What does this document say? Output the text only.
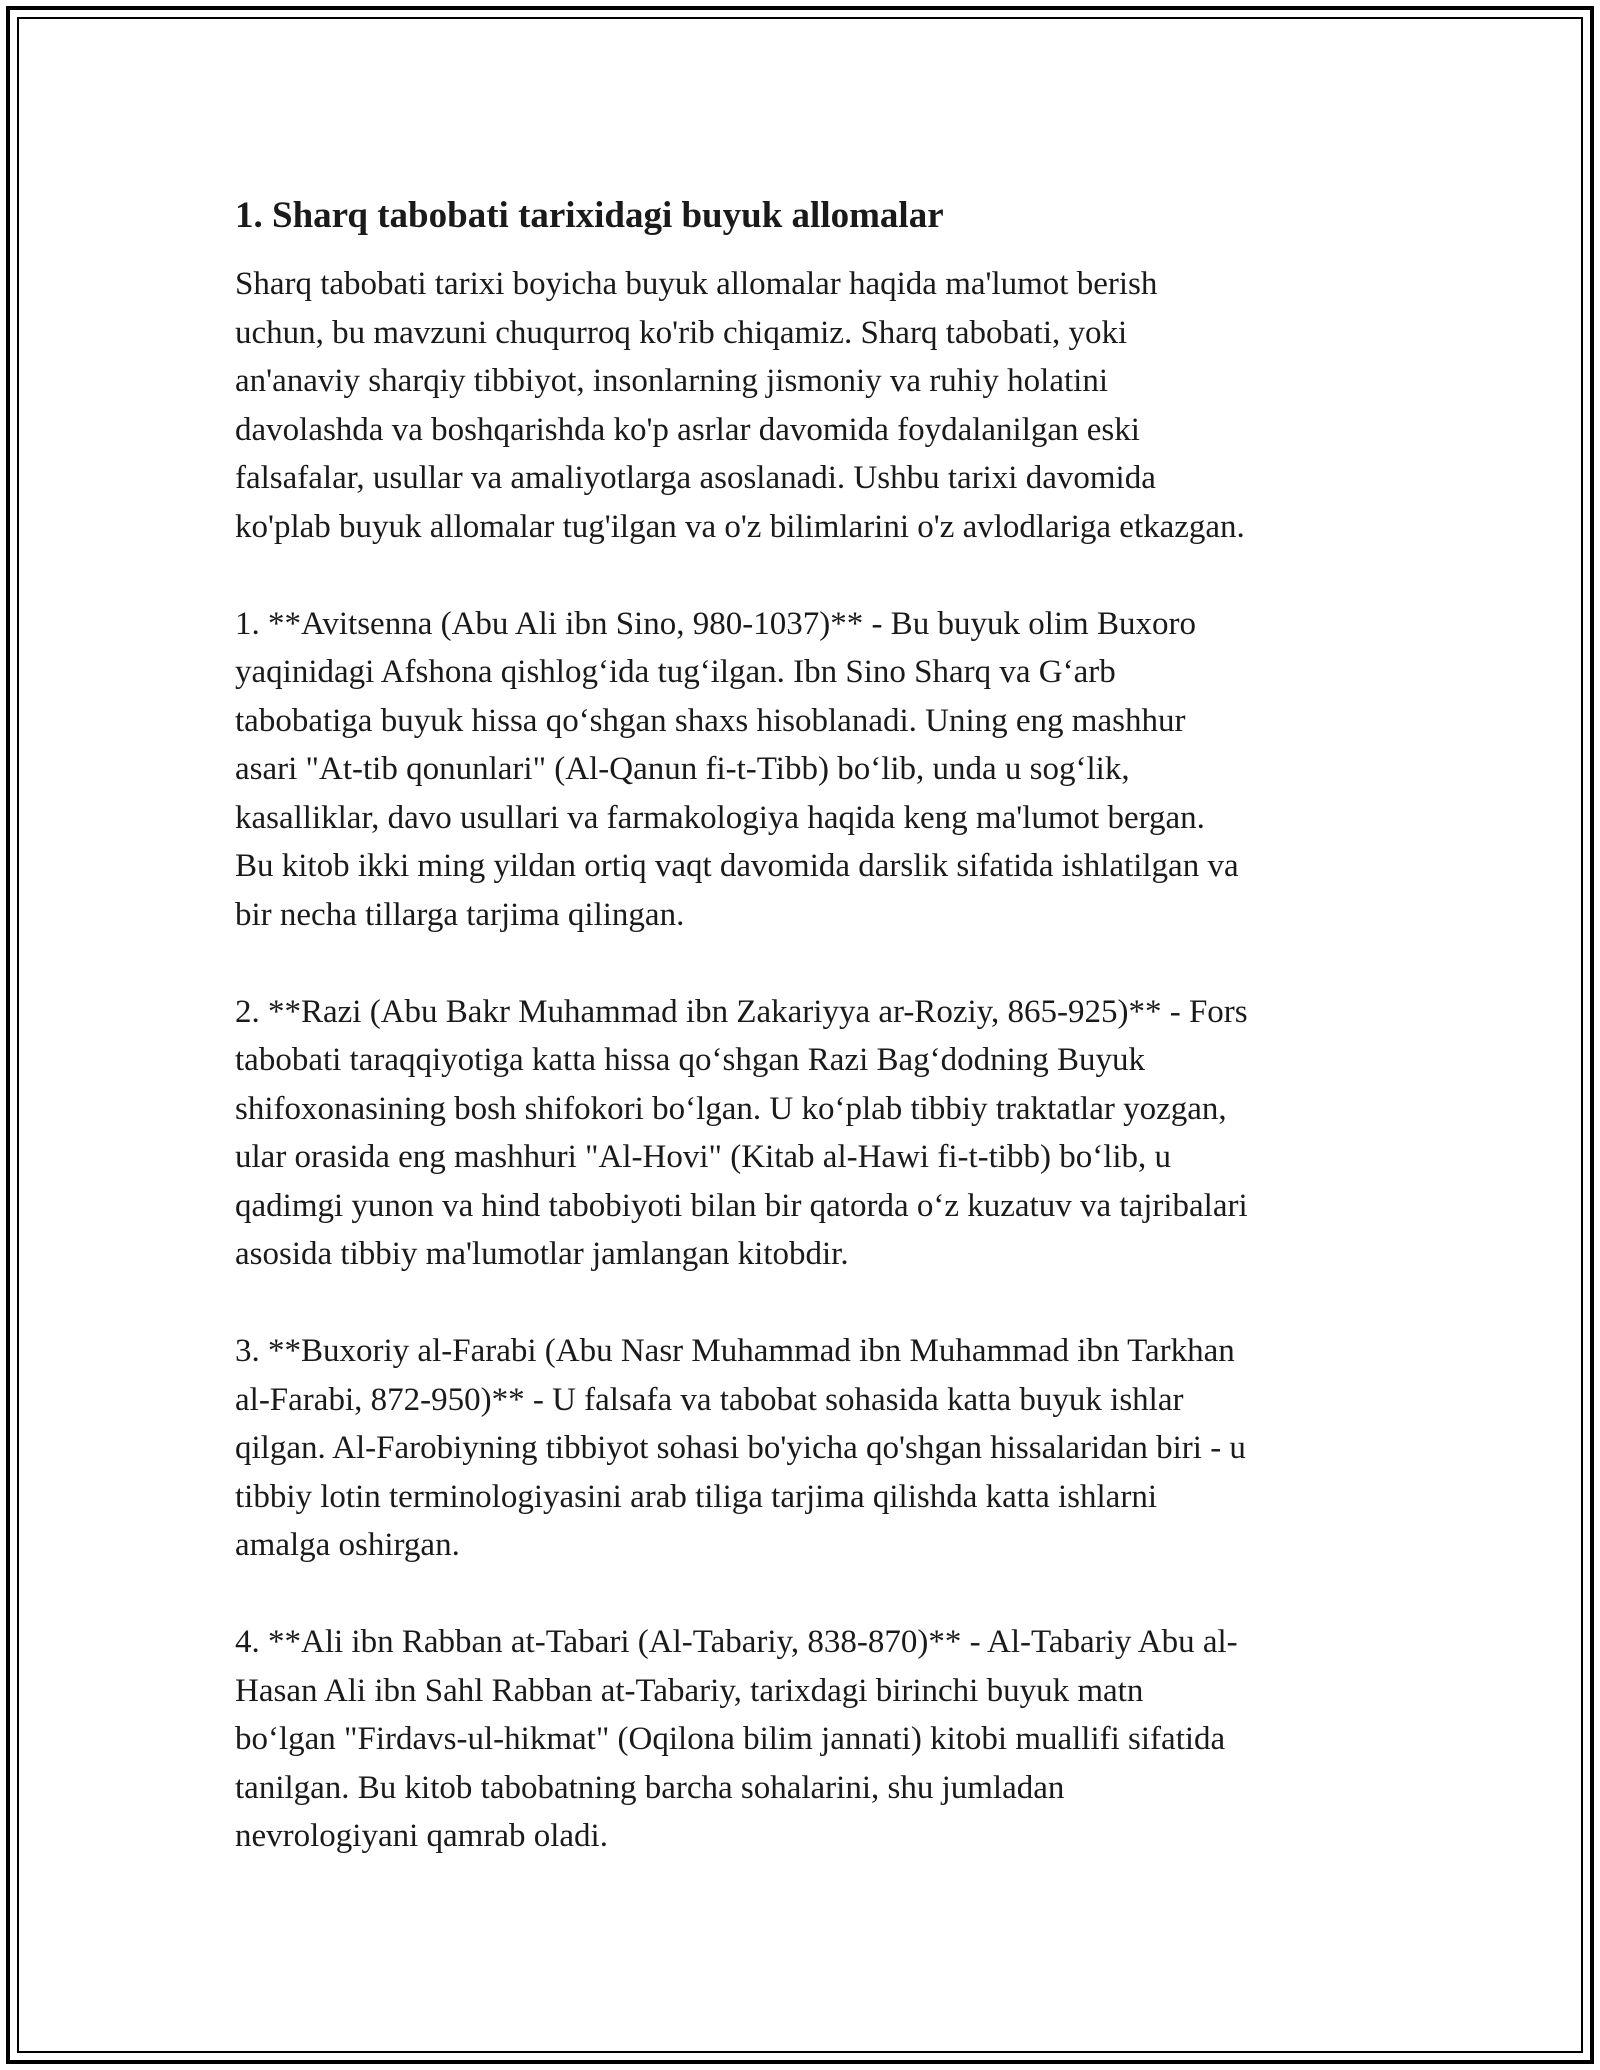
1. Sharq tabobati tarixidagi buyuk allomalar

Sharq tabobati tarixi boyicha buyuk allomalar haqida ma'lumot berish
uchun, bu mavzuni chuqurroq ko'rib chiqamiz. Sharq tabobati, yoki
an'anaviy sharqiy tibbiyot, insonlarning jismoniy va ruhiy holatini
davolashda va boshqarishda ko'p asrlar davomida foydalanilgan eski
falsafalar, usullar va amaliyotlarga asoslanadi. Ushbu tarixi davomida
ko'plab buyuk allomalar tug'ilgan va o'z bilimlarini o'z avlodlariga etkazgan.

1. **Avitsenna (Abu Ali ibn Sino, 980-1037)** - Bu buyuk olim Buxoro
yaqinidagi Afshona qishlog‘ida tug‘ilgan. Ibn Sino Sharq va G‘arb
tabobatiga buyuk hissa qo‘shgan shaxs hisoblanadi. Uning eng mashhur
asari "At-tib qonunlari" (Al-Qanun fi-t-Tibb) bo‘lib, unda u sog‘lik,
kasalliklar, davo usullari va farmakologiya haqida keng ma'lumot bergan.
Bu kitob ikki ming yildan ortiq vaqt davomida darslik sifatida ishlatilgan va
bir necha tillarga tarjima qilingan.

2. **Razi (Abu Bakr Muhammad ibn Zakariyya ar-Roziy, 865-925)** - Fors
tabobati taraqqiyotiga katta hissa qo‘shgan Razi Bag‘dodning Buyuk
shifoxonasining bosh shifokori bo‘lgan. U ko‘plab tibbiy traktatlar yozgan,
ular orasida eng mashhuri "Al-Hovi" (Kitab al-Hawi fi-t-tibb) bo‘lib, u
qadimgi yunon va hind tabobiyoti bilan bir qatorda o‘z kuzatuv va tajribalari
asosida tibbiy ma'lumotlar jamlangan kitobdir.

3. **Buxoriy al-Farabi (Abu Nasr Muhammad ibn Muhammad ibn Tarkhan
al-Farabi, 872-950)** - U falsafa va tabobat sohasida katta buyuk ishlar
qilgan. Al-Farobiyning tibbiyot sohasi bo'yicha qo'shgan hissalaridan biri - u
tibbiy lotin terminologiyasini arab tiliga tarjima qilishda katta ishlarni
amalga oshirgan.

4. **Ali ibn Rabban at-Tabari (Al-Tabariy, 838-870)** - Al-Tabariy Abu al-
Hasan Ali ibn Sahl Rabban at-Tabariy, tarixdagi birinchi buyuk matn
bo‘lgan "Firdavs-ul-hikmat" (Oqilona bilim jannati) kitobi muallifi sifatida
tanilgan. Bu kitob tabobatning barcha sohalarini, shu jumladan
nevrologiyani qamrab oladi.
